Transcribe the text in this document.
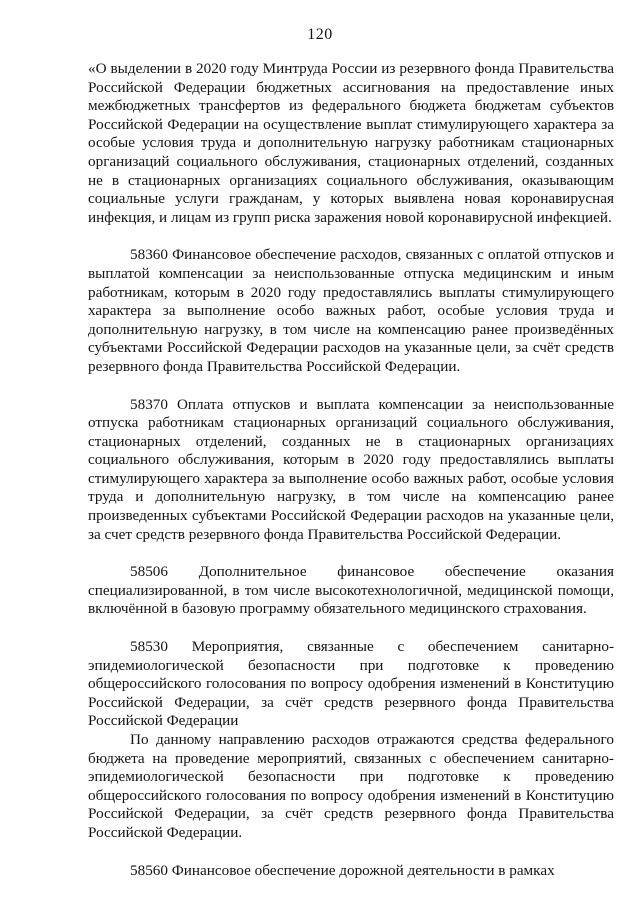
120

«О выделении в 2020 году Минтруда России из резервного фонда Правительства Российской Федерации бюджетных ассигнования на предоставление иных межбюджетных трансфертов из федерального бюджета бюджетам субъектов Российской Федерации на осуществление выплат стимулирующего характера за особые условия труда и дополнительную нагрузку работникам стационарных организаций социального обслуживания, стационарных отделений, созданных не в стационарных организациях социального обслуживания, оказывающим социальные услуги гражданам, у которых выявлена новая коронавирусная инфекция, и лицам из групп риска заражения новой коронавирусной инфекцией.

58360 Финансовое обеспечение расходов, связанных с оплатой отпусков и выплатой компенсации за неиспользованные отпуска медицинским и иным работникам, которым в 2020 году предоставлялись выплаты стимулирующего характера за выполнение особо важных работ, особые условия труда и дополнительную нагрузку, в том числе на компенсацию ранее произведённых субъектами Российской Федерации расходов на указанные цели, за счёт средств резервного фонда Правительства Российской Федерации.

58370 Оплата отпусков и выплата компенсации за неиспользованные отпуска работникам стационарных организаций социального обслуживания, стационарных отделений, созданных не в стационарных организациях социального обслуживания, которым в 2020 году предоставлялись выплаты стимулирующего характера за выполнение особо важных работ, особые условия труда и дополнительную нагрузку, в том числе на компенсацию ранее произведенных субъектами Российской Федерации расходов на указанные цели, за счет средств резервного фонда Правительства Российской Федерации.

58506 Дополнительное финансовое обеспечение оказания специализированной, в том числе высокотехнологичной, медицинской помощи, включённой в базовую программу обязательного медицинского страхования.

58530 Мероприятия, связанные с обеспечением санитарно-эпидемиологической безопасности при подготовке к проведению общероссийского голосования по вопросу одобрения изменений в Конституцию Российской Федерации, за счёт средств резервного фонда Правительства Российской Федерации

По данному направлению расходов отражаются средства федерального бюджета на проведение мероприятий, связанных с обеспечением санитарно-эпидемиологической безопасности при подготовке к проведению общероссийского голосования по вопросу одобрения изменений в Конституцию Российской Федерации, за счёт средств резервного фонда Правительства Российской Федерации.

58560 Финансовое обеспечение дорожной деятельности в рамках
